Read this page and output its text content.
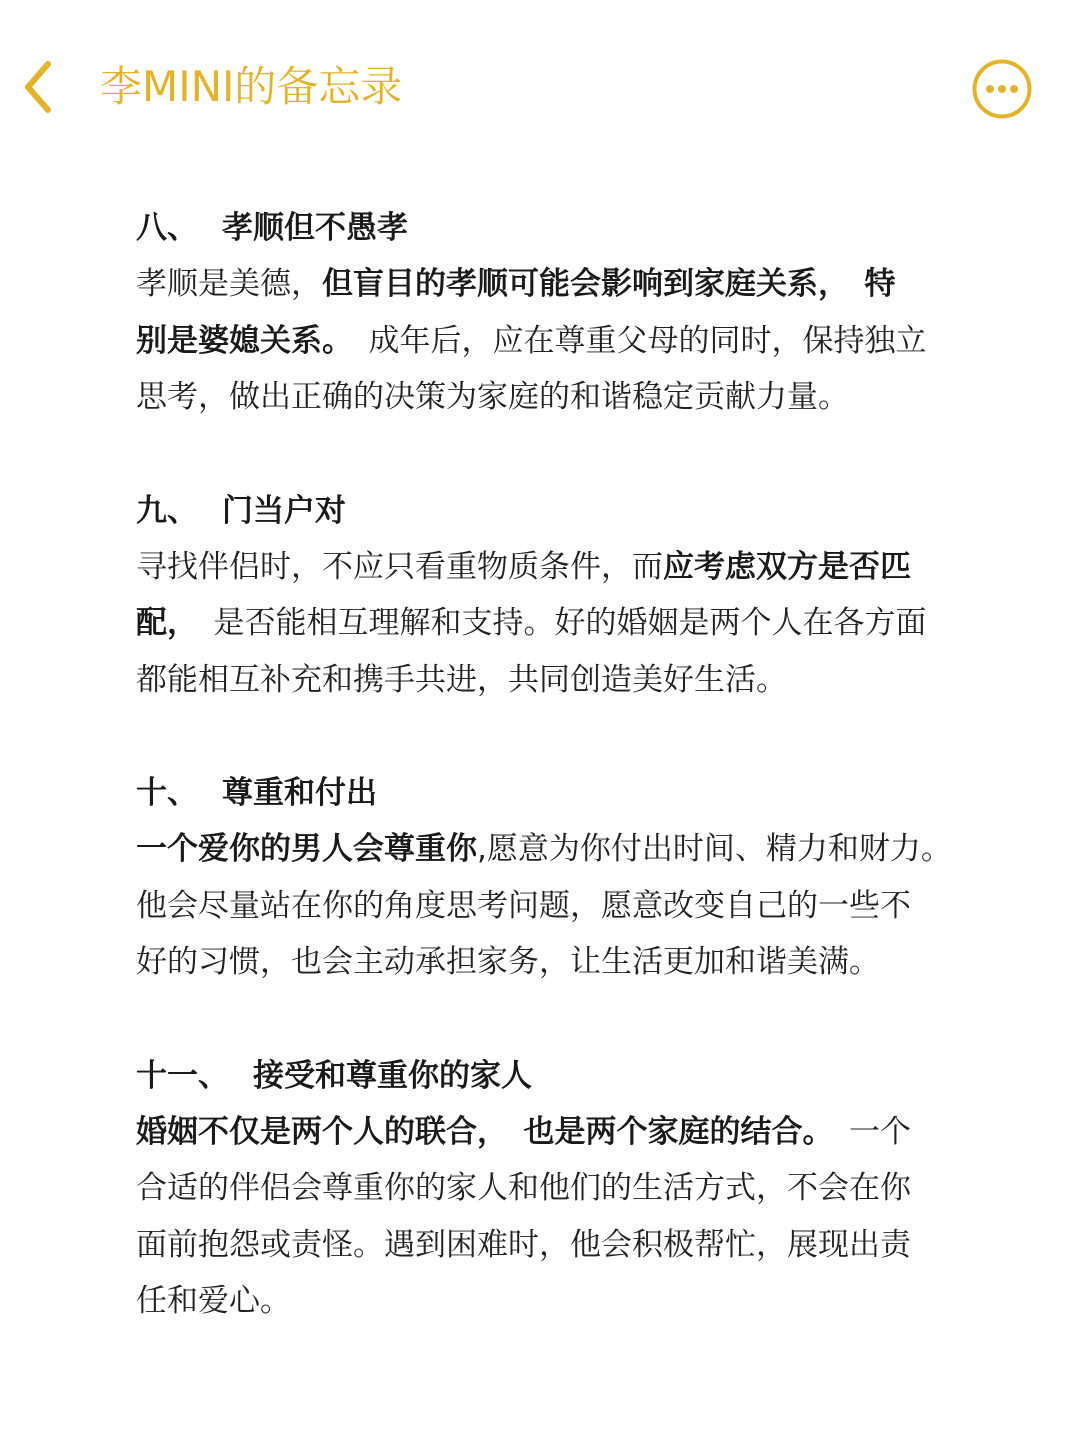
李MINI的备忘录
八、 孝顺但不愚孝
孝顺是美德，但盲目的孝顺可能会影响到家庭关系，　特
别是婆媳关系。　成年后，应在尊重父母的同时，保持独立
思考，做出正确的决策为家庭的和谐稳定贡献力量。
九、 门当户对
寻找伴侣时，不应只看重物质条件，而应考虑双方是否匹
配，　是否能相互理解和支持。好的婚姻是两个人在各方面
都能相互补充和携手共进，共同创造美好生活。
十、 尊重和付出
一个爱你的男人会尊重你,愿意为你付出时间、精力和财力。
他会尽量站在你的角度思考问题，愿意改变自己的一些不
好的习惯，也会主动承担家务，让生活更加和谐美满。
十一、 接受和尊重你的家人
婚姻不仅是两个人的联合，　也是两个家庭的结合。　一个
合适的伴侣会尊重你的家人和他们的生活方式，不会在你
面前抱怨或责怪。遇到困难时，他会积极帮忙，展现出责
任和爱心。
